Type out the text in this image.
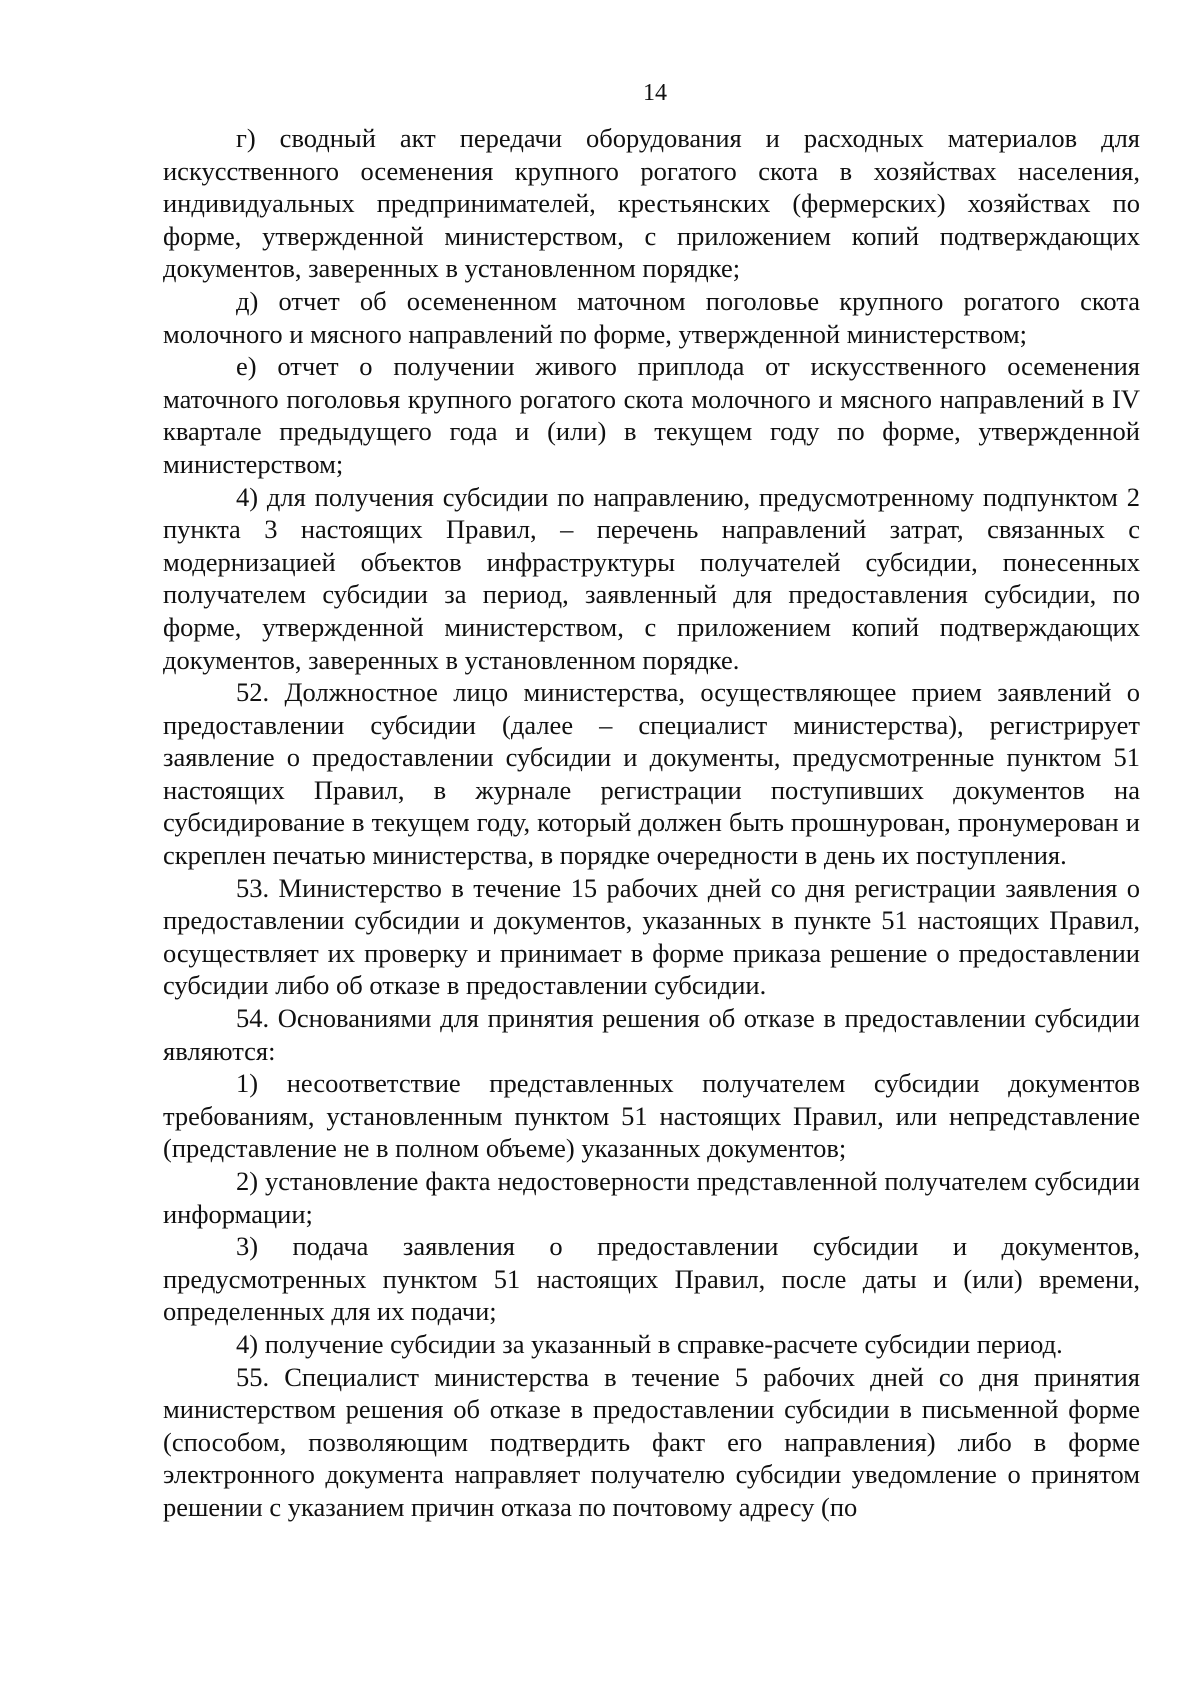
14

г) сводный акт передачи оборудования и расходных материалов для искусственного осеменения крупного рогатого скота в хозяйствах населения, индивидуальных предпринимателей, крестьянских (фермерских) хозяйствах по форме, утвержденной министерством, с приложением копий подтверждающих документов, заверенных в установленном порядке;

д) отчет об осемененном маточном поголовье крупного рогатого скота молочного и мясного направлений по форме, утвержденной министерством;

е) отчет о получении живого приплода от искусственного осеменения маточного поголовья крупного рогатого скота молочного и мясного направлений в IV квартале предыдущего года и (или) в текущем году по форме, утвержденной министерством;

4) для получения субсидии по направлению, предусмотренному подпунктом 2 пункта 3 настоящих Правил, – перечень направлений затрат, связанных с модернизацией объектов инфраструктуры получателей субсидии, понесенных получателем субсидии за период, заявленный для предоставления субсидии, по форме, утвержденной министерством, с приложением копий подтверждающих документов, заверенных в установленном порядке.

52. Должностное лицо министерства, осуществляющее прием заявлений о предоставлении субсидии (далее – специалист министерства), регистрирует заявление о предоставлении субсидии и документы, предусмотренные пунктом 51 настоящих Правил, в журнале регистрации поступивших документов на субсидирование в текущем году, который должен быть прошнурован, пронумерован и скреплен печатью министерства, в порядке очередности в день их поступления.

53. Министерство в течение 15 рабочих дней со дня регистрации заявления о предоставлении субсидии и документов, указанных в пункте 51 настоящих Правил, осуществляет их проверку и принимает в форме приказа решение о предоставлении субсидии либо об отказе в предоставлении субсидии.

54. Основаниями для принятия решения об отказе в предоставлении субсидии являются:

1) несоответствие представленных получателем субсидии документов требованиям, установленным пунктом 51 настоящих Правил, или непредставление (представление не в полном объеме) указанных документов;

2) установление факта недостоверности представленной получателем субсидии информации;

3) подача заявления о предоставлении субсидии и документов, предусмотренных пунктом 51 настоящих Правил, после даты и (или) времени, определенных для их подачи;

4) получение субсидии за указанный в справке-расчете субсидии период.

55. Специалист министерства в течение 5 рабочих дней со дня принятия министерством решения об отказе в предоставлении субсидии в письменной форме (способом, позволяющим подтвердить факт его направления) либо в форме электронного документа направляет получателю субсидии уведомление о принятом решении с указанием причин отказа по почтовому адресу (по
